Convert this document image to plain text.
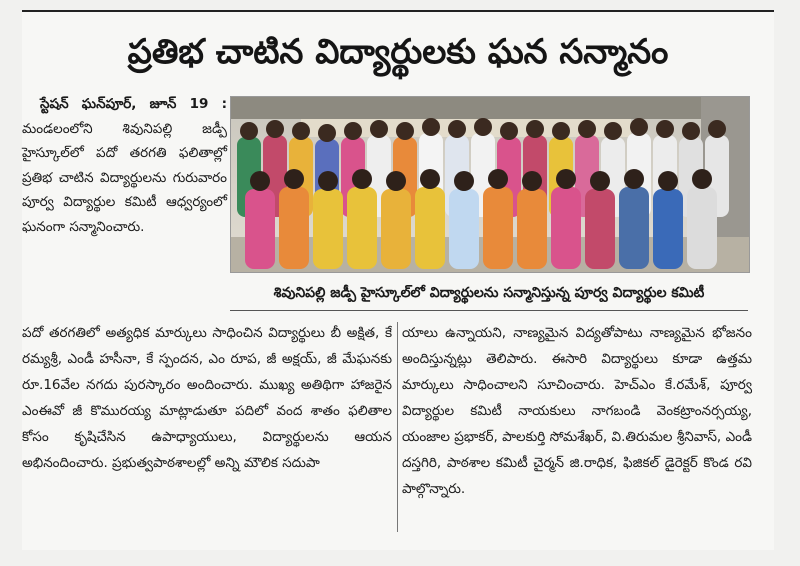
ప్రతిభ చాటిన విద్యార్థులకు ఘన సన్మానం

స్టేషన్ ఘన్‌పూర్, జూన్ 19 : మండలంలోని శివునిపల్లి జడ్పీ హైస్కూల్‌లో పదో తరగతి ఫలితాల్లో ప్రతిభ చాటిన విద్యార్థులను గురువారం పూర్వ విద్యార్థుల కమిటీ ఆధ్వర్యంలో ఘనంగా సన్మానించారు.

శివునిపల్లి జడ్పీ హైస్కూల్‌లో విద్యార్థులను సన్మానిస్తున్న పూర్వ విద్యార్థుల కమిటీ

పదో తరగతిలో అత్యధిక మార్కులు సాధించిన విద్యార్థులు బీ అక్షిత, కే రమ్యశ్రీ, ఎండీ హసీనా, కే స్పందన, ఎం రూప, జీ అక్షయ్, జీ మేఘనకు రూ.16వేల నగదు పురస్కారం అందించారు. ముఖ్య అతిథిగా హాజరైన ఎంఈవో జీ కొమురయ్య మాట్లాడుతూ పదిలో వంద శాతం ఫలితాల కోసం కృషిచేసిన ఉపాధ్యాయులు, విద్యార్థులను ఆయన అభినందించారు. ప్రభుత్వపాఠశాలల్లో అన్ని మౌలిక సదుపా

యాలు ఉన్నాయని, నాణ్యమైన విద్యతోపాటు నాణ్యమైన భోజనం అందిస్తున్నట్లు తెలిపారు. ఈసారి విద్యార్థులు కూడా ఉత్తమ మార్కులు సాధించాలని సూచించారు. హెచ్‌ఎం కే.రమేశ్, పూర్వ విద్యార్థుల కమిటీ నాయకులు నాగబండి వెంకట్రాంనర్సయ్య, యంజాల ప్రభాకర్, పాలకుర్తి సోమశేఖర్, వి.తిరుమల శ్రీనివాస్, ఎండీ దస్తగిరి, పాఠశాల కమిటీ చైర్మన్ జి.రాధిక, ఫిజికల్ డైరెక్టర్ కొండ రవి పాల్గొన్నారు.
